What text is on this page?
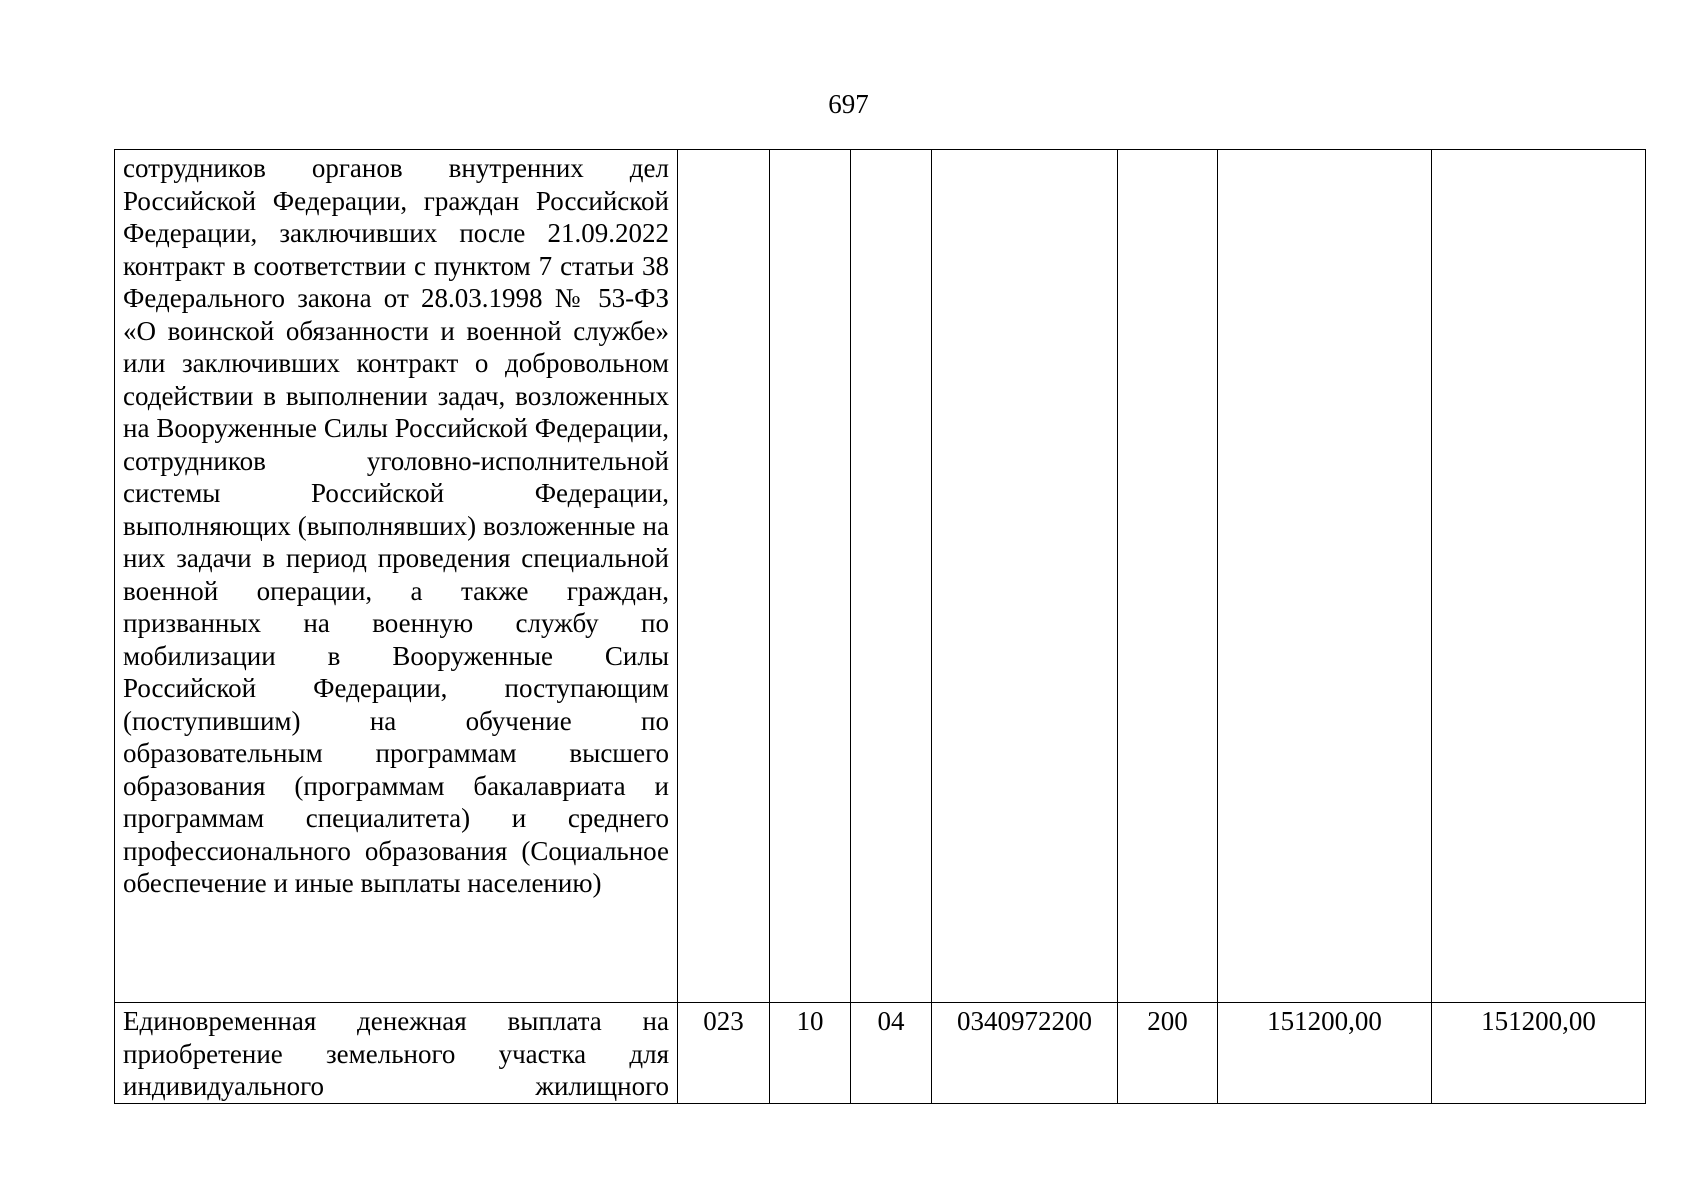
697
сотрудников органов внутренних дел Российской Федерации, граждан Российской Федерации, заключивших после 21.09.2022 контракт в соответствии с пунктом 7 статьи 38 Федерального закона от 28.03.1998 № 53-ФЗ «О воинской обязанности и военной службе» или заключивших контракт о добровольном содействии в выполнении задач, возложенных на Вооруженные Силы Российской Федерации, сотрудников уголовно-исполнительной системы Российской Федерации, выполняющих (выполнявших) возложенные на них задачи в период проведения специальной военной операции, а также граждан, призванных на военную службу по мобилизации в Вооруженные Силы Российской Федерации, поступающим (поступившим) на обучение по образовательным программам высшего образования (программам бакалавриата и программам специалитета) и среднего профессионального образования (Социальное обеспечение и иные выплаты населению)							

Единовременная денежная выплата на приобретение земельного участка для индивидуального жилищного	023	10	04	0340972200	200	151200,00	151200,00
